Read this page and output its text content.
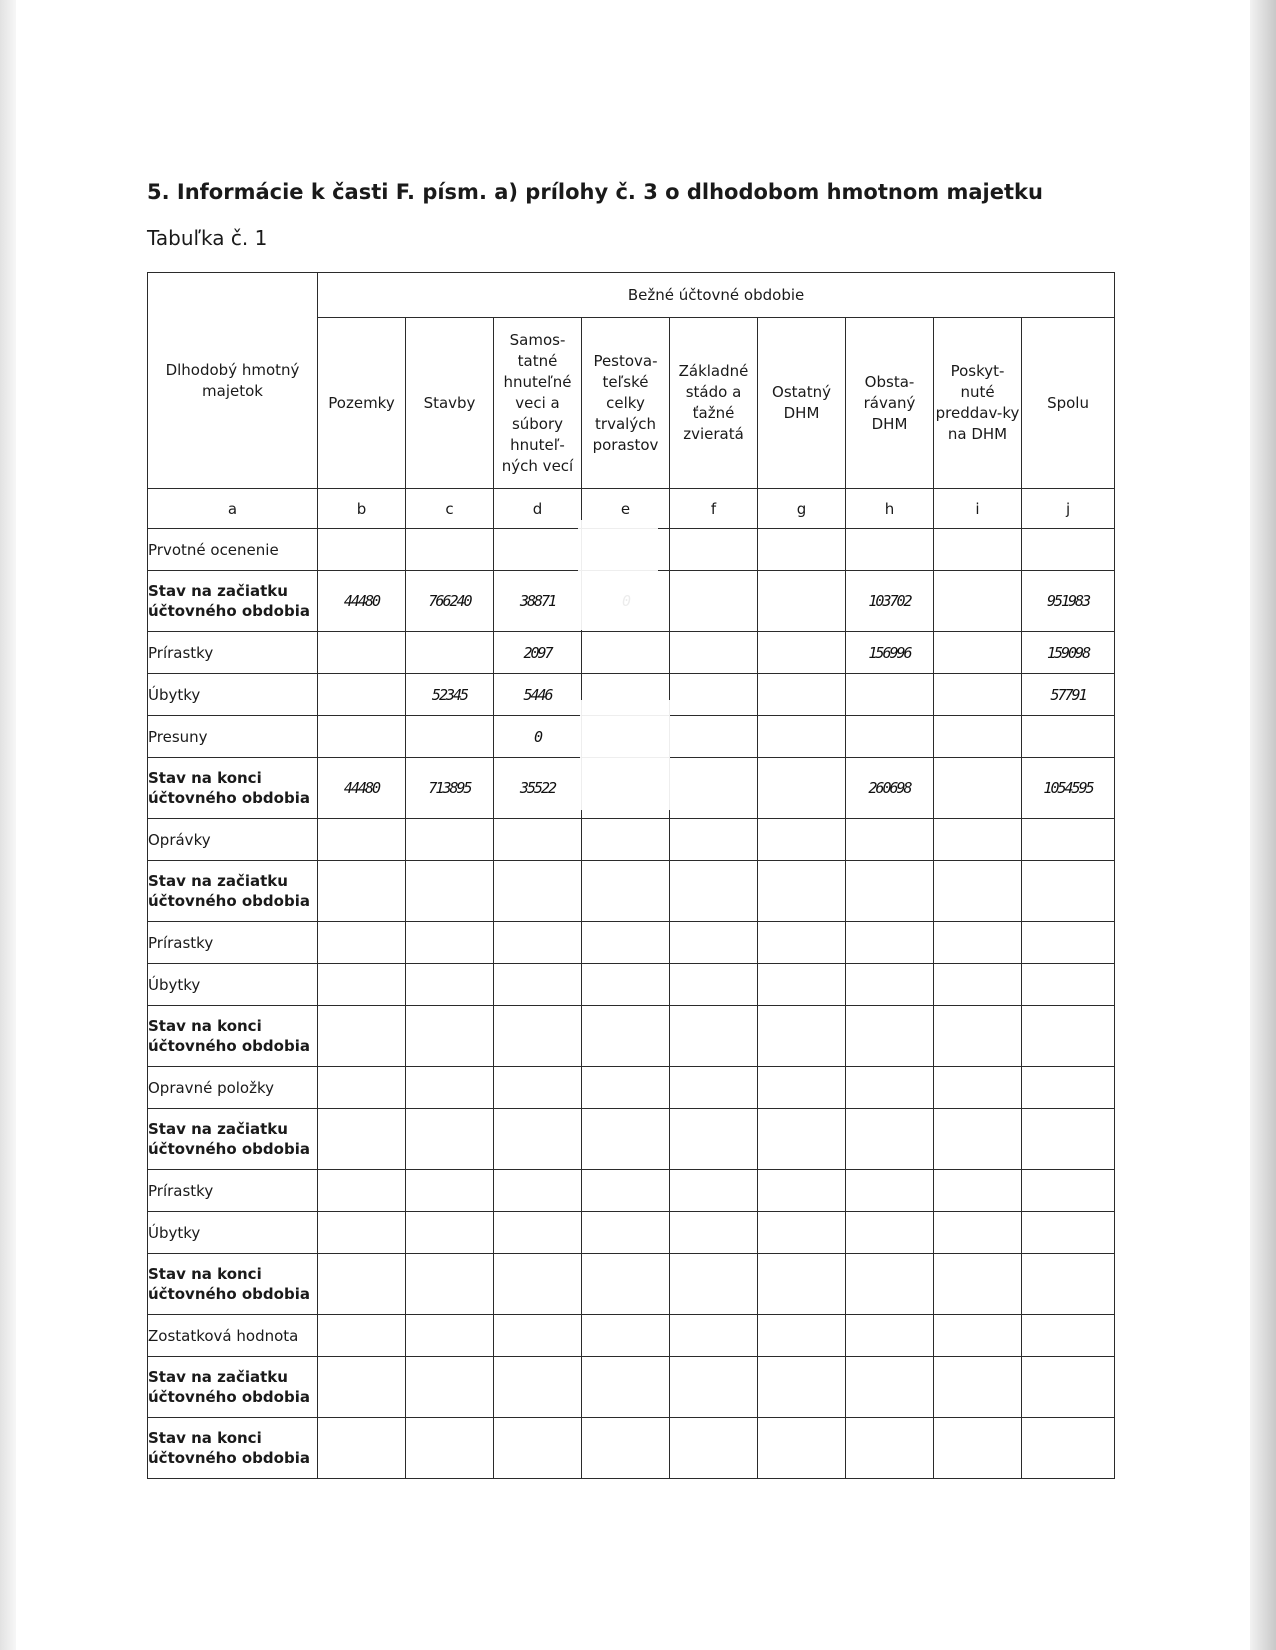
5. Informácie k časti F. písm. a) prílohy č. 3 o dlhodobom hmotnom majetku
Tabuľka č. 1
Dlhodobý hmotný majetok	Bežné účtovné obdobie								
	Pozemky	Stavby	Samos-tatné hnuteľné veci a súbory hnuteľ-ných vecí	Pestova-teľské celky trvalých porastov	Základné stádo a ťažné zvieratá	Ostatný DHM	Obsta-rávaný DHM	Poskyt-nuté preddav-ky na DHM	Spolu
a	b	c	d	e	f	g	h	i	j
Prvotné ocenenie									
Stav na začiatku účtovného obdobia	44480	766240	38871				103702		951983
Prírastky			2097				156996		159098
Úbytky		52345	5446						57791
Presuny			0						
Stav na konci účtovného obdobia	44480	713895	35522				260698		1054595
Oprávky									
Stav na začiatku účtovného obdobia									
Prírastky									
Úbytky									
Stav na konci účtovného obdobia									
Opravné položky									
Stav na začiatku účtovného obdobia									
Prírastky									
Úbytky									
Stav na konci účtovného obdobia									
Zostatková hodnota									
Stav na začiatku účtovného obdobia									
Stav na konci účtovného obdobia									
